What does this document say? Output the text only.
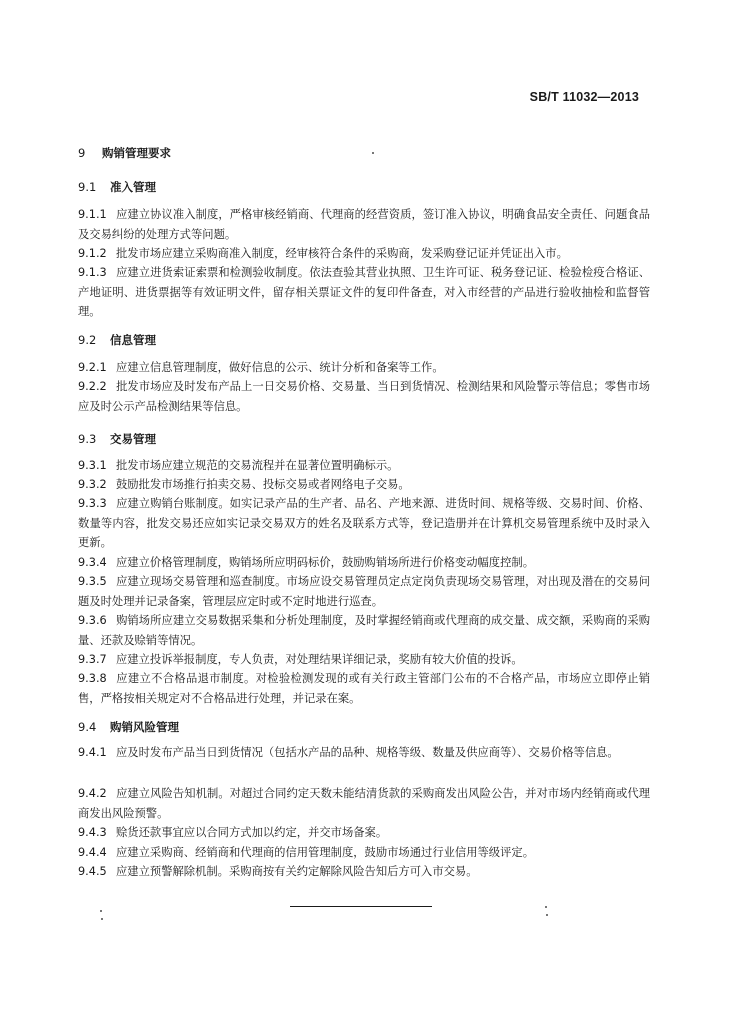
SB/T 11032—2013
9 购销管理要求
9.1 准入管理
9.1.1 应建立协议准入制度，严格审核经销商、代理商的经营资质，签订准入协议，明确食品安全责任、问题食品及交易纠纷的处理方式等问题。
9.1.2 批发市场应建立采购商准入制度，经审核符合条件的采购商，发采购登记证并凭证出入市。
9.1.3 应建立进货索证索票和检测验收制度。依法查验其营业执照、卫生许可证、税务登记证、检验检疫合格证、产地证明、进货票据等有效证明文件，留存相关票证文件的复印件备查，对入市经营的产品进行验收抽检和监督管理。
9.2 信息管理
9.2.1 应建立信息管理制度，做好信息的公示、统计分析和备案等工作。
9.2.2 批发市场应及时发布产品上一日交易价格、交易量、当日到货情况、检测结果和风险警示等信息；零售市场应及时公示产品检测结果等信息。
9.3 交易管理
9.3.1 批发市场应建立规范的交易流程并在显著位置明确标示。
9.3.2 鼓励批发市场推行拍卖交易、投标交易或者网络电子交易。
9.3.3 应建立购销台账制度。如实记录产品的生产者、品名、产地来源、进货时间、规格等级、交易时间、价格、数量等内容，批发交易还应如实记录交易双方的姓名及联系方式等，登记造册并在计算机交易管理系统中及时录入更新。
9.3.4 应建立价格管理制度，购销场所应明码标价，鼓励购销场所进行价格变动幅度控制。
9.3.5 应建立现场交易管理和巡查制度。市场应设交易管理员定点定岗负责现场交易管理，对出现及潜在的交易问题及时处理并记录备案，管理层应定时或不定时地进行巡查。
9.3.6 购销场所应建立交易数据采集和分析处理制度，及时掌握经销商或代理商的成交量、成交额，采购商的采购量、还款及赊销等情况。
9.3.7 应建立投诉举报制度，专人负责，对处理结果详细记录，奖励有较大价值的投诉。
9.3.8 应建立不合格品退市制度。对检验检测发现的或有关行政主管部门公布的不合格产品，市场应立即停止销售，严格按相关规定对不合格品进行处理，并记录在案。
9.4 购销风险管理
9.4.1 应及时发布产品当日到货情况（包括水产品的品种、规格等级、数量及供应商等）、交易价格等信息。
9.4.2 应建立风险告知机制。对超过合同约定天数未能结清货款的采购商发出风险公告，并对市场内经销商或代理商发出风险预警。
9.4.3 赊货还款事宜应以合同方式加以约定，并交市场备案。
9.4.4 应建立采购商、经销商和代理商的信用管理制度，鼓励市场通过行业信用等级评定。
9.4.5 应建立预警解除机制。采购商按有关约定解除风险告知后方可入市交易。
